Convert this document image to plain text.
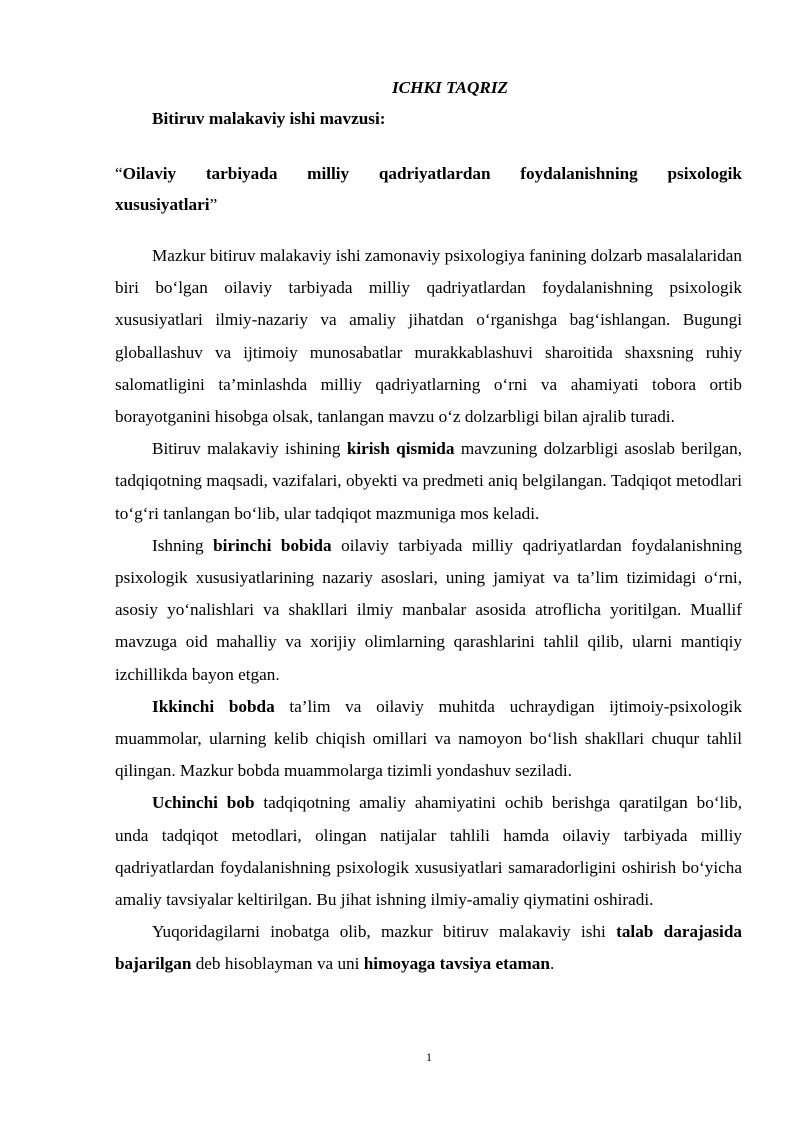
ICHKI TAQRIZ

Bitiruv malakaviy ishi mavzusi:

“ Oilaviy tarbiyada milliy qadriyatlardan foydalanishning psixologik
xususiyatlari ”

Mazkur bitiruv malakaviy ishi zamonaviy psixologiya fanining dolzarb masalalaridan biri bo‘lgan oilaviy tarbiyada milliy qadriyatlardan foydalanishning psixologik xususiyatlari ilmiy-nazariy va amaliy jihatdan o‘rganishga bag‘ishlangan. Bugungi globallashuv va ijtimoiy munosabatlar murakkablashuvi sharoitida shaxsning ruhiy salomatligini ta’minlashda milliy qadriyatlarning o‘rni va ahamiyati tobora ortib borayotganini hisobga olsak, tanlangan mavzu o‘z dolzarbligi bilan ajralib turadi.

Bitiruv malakaviy ishining kirish qismida mavzuning dolzarbligi asoslab berilgan, tadqiqotning maqsadi, vazifalari, obyekti va predmeti aniq belgilangan. Tadqiqot metodlari to‘g‘ri tanlangan bo‘lib, ular tadqiqot mazmuniga mos keladi.

Ishning birinchi bobida oilaviy tarbiyada milliy qadriyatlardan foydalanishning psixologik xususiyatlarining nazariy asoslari, uning jamiyat va ta’lim tizimidagi o‘rni, asosiy yo‘nalishlari va shakllari ilmiy manbalar asosida atroflicha yoritilgan. Muallif mavzuga oid mahalliy va xorijiy olimlarning qarashlarini tahlil qilib, ularni mantiqiy izchillikda bayon etgan.

Ikkinchi bobda ta’lim va oilaviy muhitda uchraydigan ijtimoiy-psixologik muammolar, ularning kelib chiqish omillari va namoyon bo‘lish shakllari chuqur tahlil qilingan. Mazkur bobda muammolarga tizimli yondashuv seziladi.

Uchinchi bob tadqiqotning amaliy ahamiyatini ochib berishga qaratilgan bo‘lib, unda tadqiqot metodlari, olingan natijalar tahlili hamda oilaviy tarbiyada milliy qadriyatlardan foydalanishning psixologik xususiyatlari samaradorligini oshirish bo‘yicha amaliy tavsiyalar keltirilgan. Bu jihat ishning ilmiy-amaliy qiymatini oshiradi.

Yuqoridagilarni inobatga olib, mazkur bitiruv malakaviy ishi talab darajasida bajarilgan deb hisoblayman va uni himoyaga tavsiya etaman.

1
